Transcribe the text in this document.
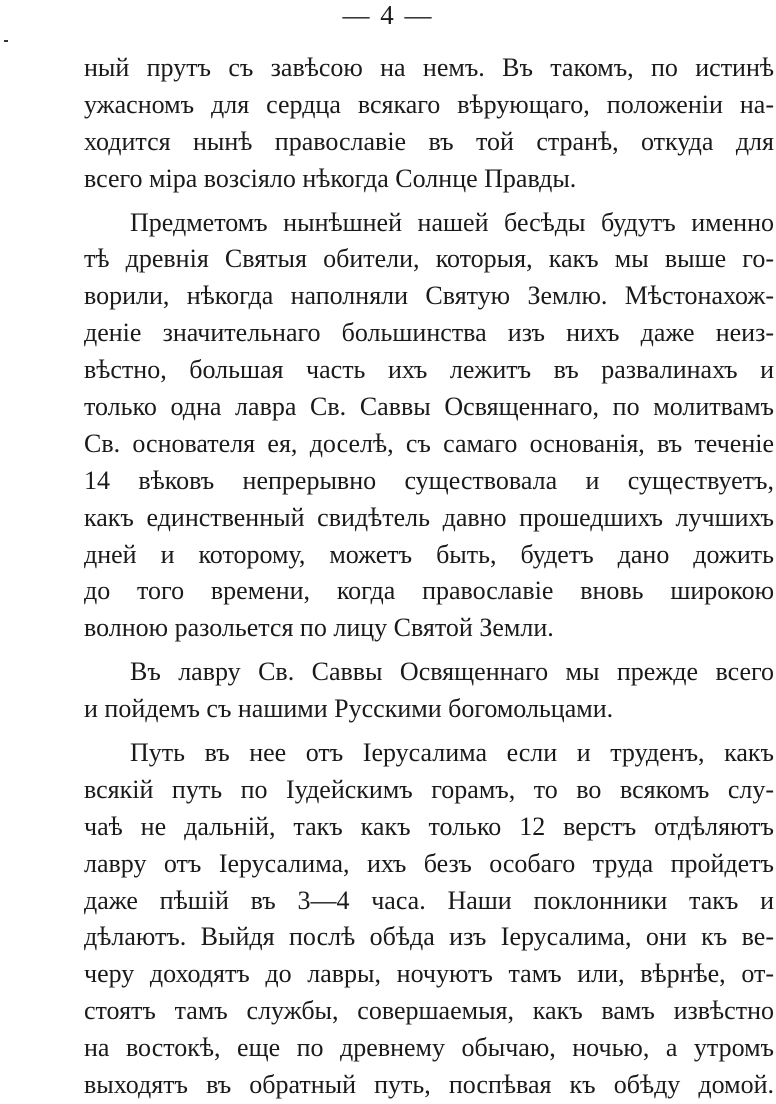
— 4 —
ный прутъ съ завѣсою на немъ. Въ такомъ, по истинѣ
ужасномъ для сердца всякаго вѣрующаго, положеніи на-
ходится нынѣ православіе въ той странѣ, откуда для
всего міра возсіяло нѣкогда Солнце Правды.
Предметомъ нынѣшней нашей бесѣды будутъ именно
тѣ древнія Святыя обители, которыя, какъ мы выше го-
ворили, нѣкогда наполняли Святую Землю. Мѣстонахож-
деніе значительнаго большинства изъ нихъ даже неиз-
вѣстно, большая часть ихъ лежитъ въ развалинахъ и
только одна лавра Св. Саввы Освященнаго, по молитвамъ
Св. основателя ея, доселѣ, съ самаго основанія, въ теченіе
14 вѣковъ непрерывно существовала и существуетъ,
какъ единственный свидѣтель давно прошедшихъ лучшихъ
дней и которому, можетъ быть, будетъ дано дожить
до того времени, когда православіе вновь широкою
волною разольется по лицу Святой Земли.
Въ лавру Св. Саввы Освященнаго мы прежде всего
и пойдемъ съ нашими Русскими богомольцами.
Путь въ нее отъ Іерусалима если и труденъ, какъ
всякій путь по Іудейскимъ горамъ, то во всякомъ слу-
чаѣ не дальній, такъ какъ только 12 верстъ отдѣляютъ
лавру отъ Іерусалима, ихъ безъ особаго труда пройдетъ
даже пѣшій въ 3—4 часа. Наши поклонники такъ и
дѣлаютъ. Выйдя послѣ обѣда изъ Іерусалима, они къ ве-
черу доходятъ до лавры, ночуютъ тамъ или, вѣрнѣе, от-
стоятъ тамъ службы, совершаемыя, какъ вамъ извѣстно
на востокѣ, еще по древнему обычаю, ночью, а утромъ
выходятъ въ обратный путь, поспѣвая къ обѣду домой.
